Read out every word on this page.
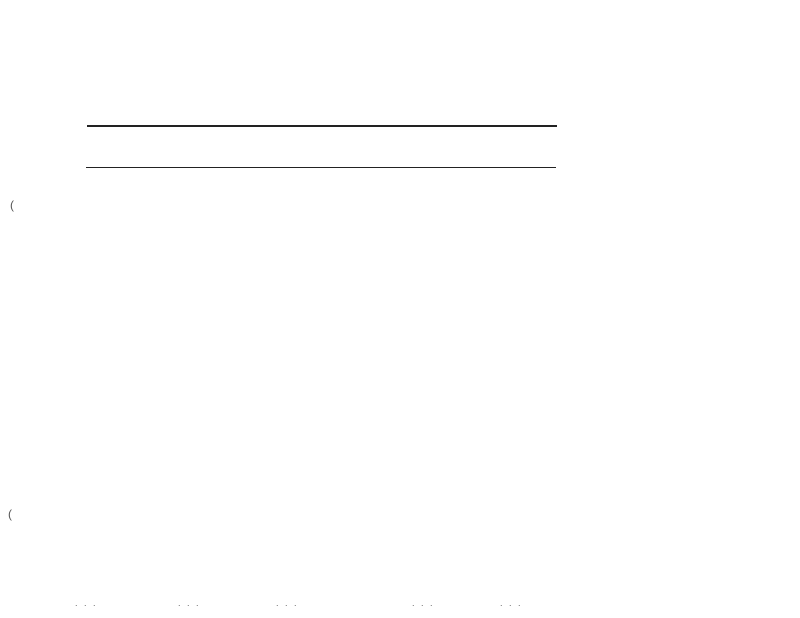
(
(
. . .	. . .	. . .	. . .	. . .
